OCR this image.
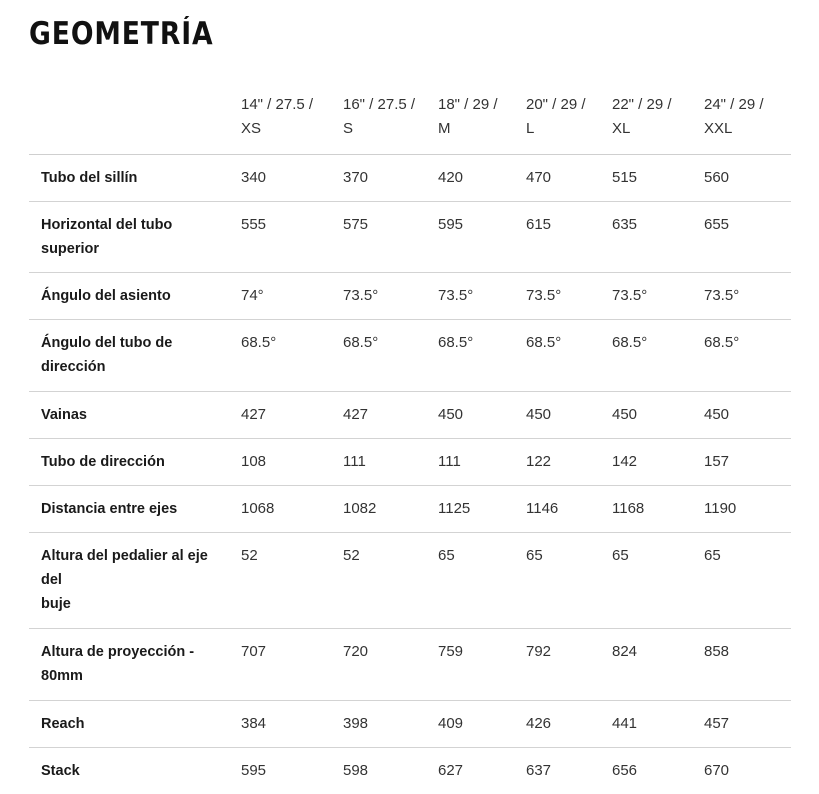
GEOMETRÍA

	14" / 27.5 /
XS	16" / 27.5 /
S	18" / 29 /
M	20" / 29 /
L	22" / 29 /
XL	24" / 29 /
XXL

Tubo del sillín	340	370	420	470	515	560
Horizontal del tubo superior	555	575	595	615	635	655
Ángulo del asiento	74°	73.5°	73.5°	73.5°	73.5°	73.5°

Ángulo del tubo de
dirección	68.5°	68.5°	68.5°	68.5°	68.5°	68.5°
Vainas	427	427	450	450	450	450
Tubo de dirección	108	111	111	122	142	157
Distancia entre ejes	1068	1082	1125	1146	1168	1190

Altura del pedalier al eje del
buje	52	52	65	65	65	65

Altura de proyección -
80mm	707	720	759	792	824	858
Reach	384	398	409	426	441	457
Stack	595	598	627	637	656	670
